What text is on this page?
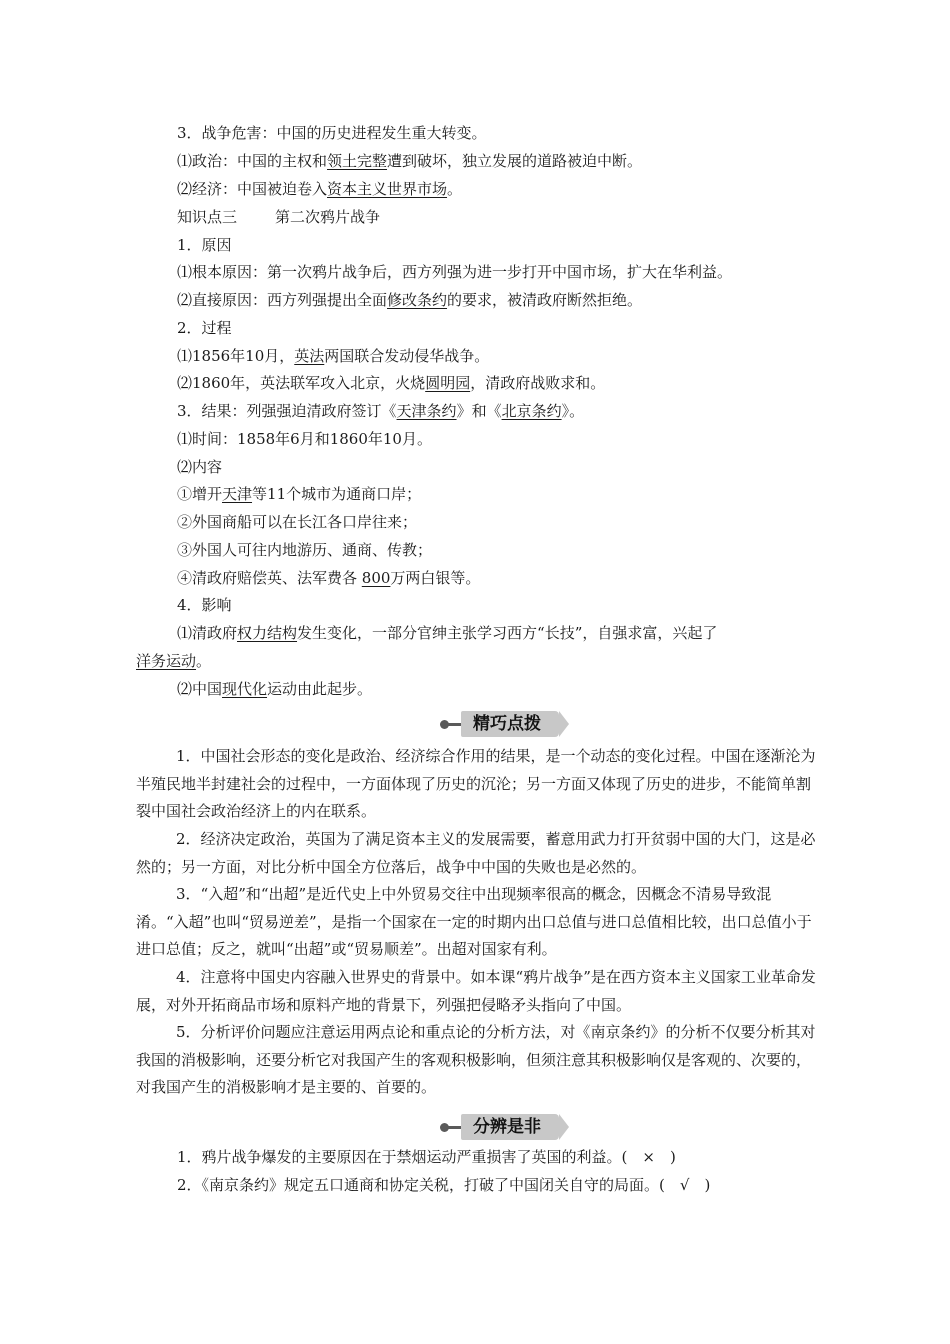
3．战争危害：中国的历史进程发生重大转变。
⑴政治：中国的主权和领土完整遭到破坏，独立发展的道路被迫中断。
⑵经济：中国被迫卷入资本主义世界市场。
知识点三	第二次鸦片战争
1．原因
⑴根本原因：第一次鸦片战争后，西方列强为进一步打开中国市场，扩大在华利益。
⑵直接原因：西方列强提出全面修改条约的要求，被清政府断然拒绝。
2．过程
⑴1856年10月，英法两国联合发动侵华战争。
⑵1860年，英法联军攻入北京，火烧圆明园，清政府战败求和。
3．结果：列强强迫清政府签订《天津条约》和《北京条约》。
⑴时间：1858年6月和1860年10月。
⑵内容
①增开天津等11个城市为通商口岸；
②外国商船可以在长江各口岸往来；
③外国人可往内地游历、通商、传教；
④清政府赔偿英、法军费各 800万两白银等。
4．影响
⑴清政府权力结构发生变化，一部分官绅主张学习西方“长技”，自强求富，兴起了
洋务运动。
⑵中国现代化运动由此起步。
精巧点拨
1．中国社会形态的变化是政治、经济综合作用的结果，是一个动态的变化过程。中国在逐渐沦为半殖民地半封建社会的过程中，一方面体现了历史的沉沦；另一方面又体现了历史的进步，不能简单割裂中国社会政治经济上的内在联系。
2．经济决定政治，英国为了满足资本主义的发展需要，蓄意用武力打开贫弱中国的大门，这是必然的；另一方面，对比分析中国全方位落后，战争中中国的失败也是必然的。
3．“入超”和“出超”是近代史上中外贸易交往中出现频率很高的概念，因概念不清易导致混淆。“入超”也叫“贸易逆差”，是指一个国家在一定的时期内出口总值与进口总值相比较，出口总值小于进口总值；反之，就叫“出超”或“贸易顺差”。出超对国家有利。
4．注意将中国史内容融入世界史的背景中。如本课“鸦片战争”是在西方资本主义国家工业革命发展，对外开拓商品市场和原料产地的背景下，列强把侵略矛头指向了中国。
5．分析评价问题应注意运用两点论和重点论的分析方法，对《南京条约》的分析不仅要分析其对我国的消极影响，还要分析它对我国产生的客观积极影响，但须注意其积极影响仅是客观的、次要的，对我国产生的消极影响才是主要的、首要的。
分辨是非
1．鸦片战争爆发的主要原因在于禁烟运动严重损害了英国的利益。(　×　)
2．《南京条约》规定五口通商和协定关税，打破了中国闭关自守的局面。(　√　)
